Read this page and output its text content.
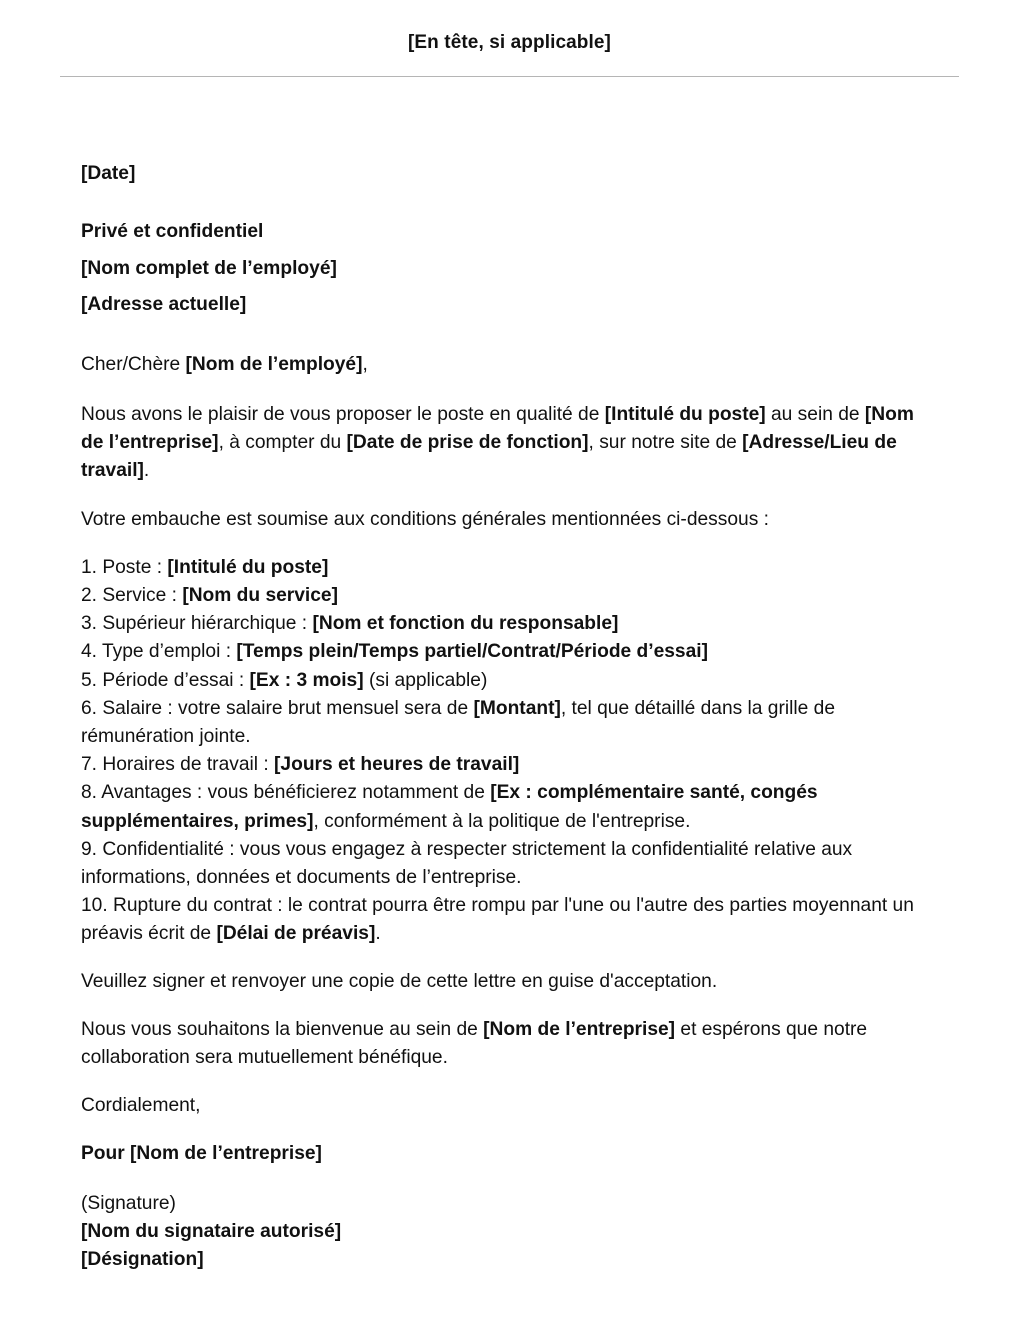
[En tête, si applicable]

[Date]

Privé et confidentiel

[Nom complet de l’employé]

[Adresse actuelle]

Cher/Chère [Nom de l’employé],

Nous avons le plaisir de vous proposer le poste en qualité de [Intitulé du poste] au sein de [Nom de l’entreprise], à compter du [Date de prise de fonction], sur notre site de [Adresse/Lieu de travail].

Votre embauche est soumise aux conditions générales mentionnées ci-dessous :

1. Poste : [Intitulé du poste]
2. Service : [Nom du service]
3. Supérieur hiérarchique : [Nom et fonction du responsable]
4. Type d’emploi : [Temps plein/Temps partiel/Contrat/Période d’essai]
5. Période d’essai : [Ex : 3 mois] (si applicable)
6. Salaire : votre salaire brut mensuel sera de [Montant], tel que détaillé dans la grille de rémunération jointe.
7. Horaires de travail : [Jours et heures de travail]
8. Avantages : vous bénéficierez notamment de [Ex : complémentaire santé, congés supplémentaires, primes], conformément à la politique de l'entreprise.
9. Confidentialité : vous vous engagez à respecter strictement la confidentialité relative aux informations, données et documents de l’entreprise.
10. Rupture du contrat : le contrat pourra être rompu par l'une ou l'autre des parties moyennant un préavis écrit de [Délai de préavis].

Veuillez signer et renvoyer une copie de cette lettre en guise d'acceptation.

Nous vous souhaitons la bienvenue au sein de [Nom de l’entreprise] et espérons que notre collaboration sera mutuellement bénéfique.

Cordialement,

Pour [Nom de l’entreprise]

(Signature)

[Nom du signataire autorisé]

[Désignation]
